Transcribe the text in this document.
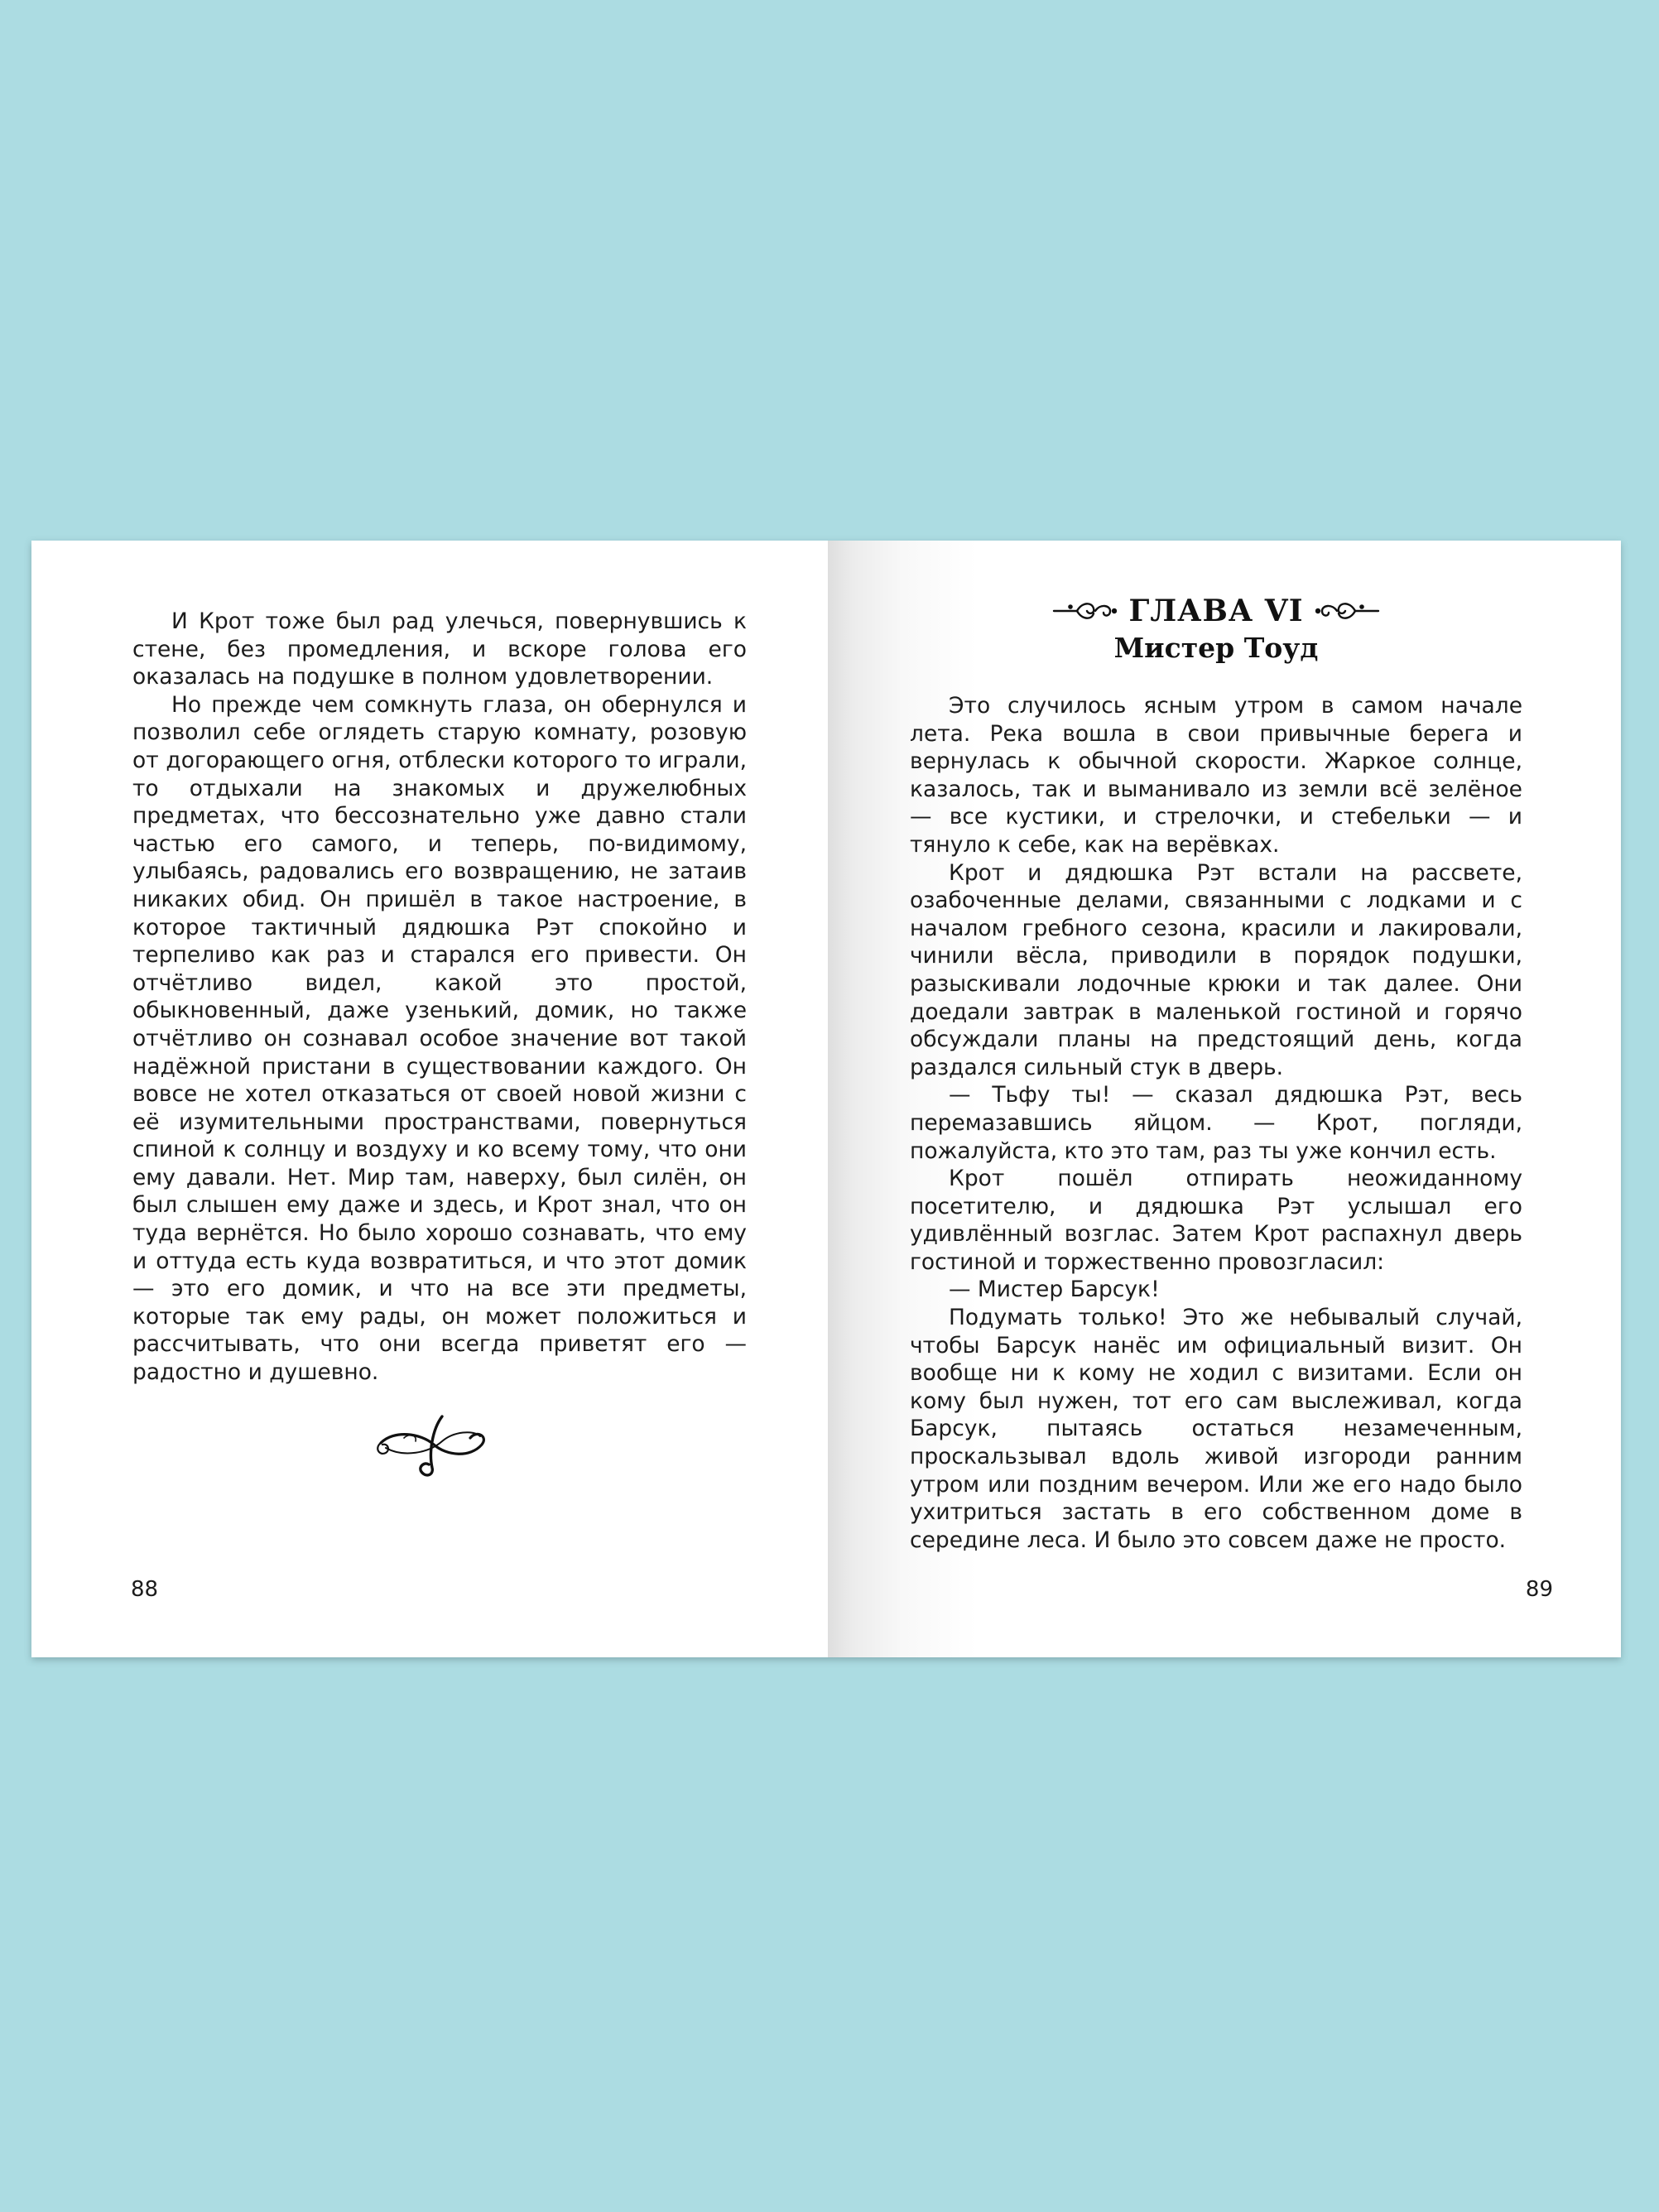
И Крот тоже был рад улечься, повернувшись к стене, без промедления, и вскоре голова его оказалась на подушке в полном удовлетворении.

Но прежде чем сомкнуть глаза, он обернулся и позволил себе оглядеть старую комнату, розовую от догорающего огня, отблески которого то играли, то отдыхали на знакомых и дружелюбных предметах, что бессознательно уже давно стали частью его самого, и теперь, по-видимому, улыбаясь, радовались его возвращению, не затаив никаких обид. Он пришёл в такое настроение, в которое тактичный дядюшка Рэт спокойно и терпеливо как раз и старался его привести. Он отчётливо видел, какой это простой, обыкновенный, даже узенький, домик, но также отчётливо он сознавал особое значение вот такой надёжной пристани в существовании каждого. Он вовсе не хотел отказаться от своей новой жизни с её изумительными пространствами, повернуться спиной к солнцу и воздуху и ко всему тому, что они ему давали. Нет. Мир там, наверху, был силён, он был слышен ему даже и здесь, и Крот знал, что он туда вернётся. Но было хорошо сознавать, что ему и оттуда есть куда возвратиться, и что этот домик — это его домик, и что на все эти предметы, которые так ему рады, он может положиться и рассчитывать, что они всегда приветят его — радостно и душевно.

88
ГЛАВА VI
Мистер Тоуд

Это случилось ясным утром в самом начале лета. Река вошла в свои привычные берега и вернулась к обычной скорости. Жаркое солнце, казалось, так и выманивало из земли всё зелёное — все кустики, и стрелочки, и стебельки — и тянуло к себе, как на верёвках.

Крот и дядюшка Рэт встали на рассвете, озабоченные делами, связанными с лодками и с началом гребного сезона, красили и лакировали, чинили вёсла, приводили в порядок подушки, разыскивали лодочные крюки и так далее. Они доедали завтрак в маленькой гостиной и горячо обсуждали планы на предстоящий день, когда раздался сильный стук в дверь.

— Тьфу ты! — сказал дядюшка Рэт, весь перемазавшись яйцом. — Крот, погляди, пожалуйста, кто это там, раз ты уже кончил есть.

Крот пошёл отпирать неожиданному посетителю, и дядюшка Рэт услышал его удивлённый возглас. Затем Крот распахнул дверь гостиной и торжественно провозгласил:

— Мистер Барсук!

Подумать только! Это же небывалый случай, чтобы Барсук нанёс им официальный визит. Он вообще ни к кому не ходил с визитами. Если он кому был нужен, тот его сам выслеживал, когда Барсук, пытаясь остаться незамеченным, проскальзывал вдоль живой изгороди ранним утром или поздним вечером. Или же его надо было ухитриться застать в его собственном доме в середине леса. И было это совсем даже не просто.

89
